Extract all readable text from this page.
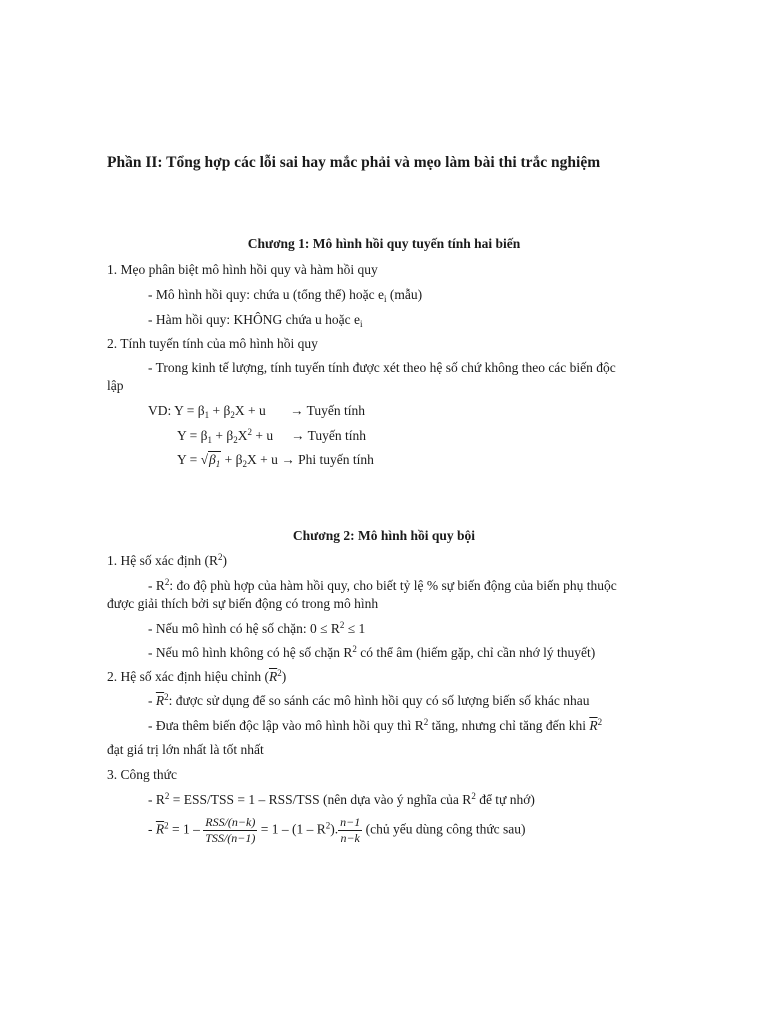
Phần II: Tổng hợp các lỗi sai hay mắc phải và mẹo làm bài thi trắc nghiệm
Chương 1: Mô hình hồi quy tuyến tính hai biến
1. Mẹo phân biệt mô hình hồi quy và hàm hồi quy
- Mô hình hồi quy: chứa u (tổng thể) hoặc $e_i$ (mẫu)
- Hàm hồi quy: KHÔNG chứa u hoặc $e_i$
2. Tính tuyến tính của mô hình hồi quy
- Trong kinh tế lượng, tính tuyến tính được xét theo hệ số chứ không theo các biến độc
lập
VD: $Y = \beta_1 + \beta_2X + u$ → Tuyến tính
$Y = \beta_1 + \beta_2X^2 + u$ → Tuyến tính
$Y = √\beta_1 + \beta_2X + u$ → Phi tuyến tính
Chương 2: Mô hình hồi quy bội
1. Hệ số xác định $(R^2)$
- $R^2$: đo độ phù hợp của hàm hồi quy, cho biết tỷ lệ % sự biến động của biến phụ thuộc
được giải thích bởi sự biến động có trong mô hình
- Nếu mô hình có hệ số chặn: $0 \le R^2 \le 1$
- Nếu mô hình không có hệ số chặn $R^2$ có thể âm (hiếm gặp, chỉ cần nhớ lý thuyết)
2. Hệ số xác định hiệu chỉnh $(\overline{R}^2)$
- $\overline{R}^2$: được sử dụng để so sánh các mô hình hồi quy có số lượng biến số khác nhau
- Đưa thêm biến độc lập vào mô hình hồi quy thì $R^2$ tăng, nhưng chỉ tăng đến khi $\overline{R}^2$
đạt giá trị lớn nhất là tốt nhất
3. Công thức
- $R^2 = ESS/TSS = 1 - RSS/TSS$ (nên dựa vào ý nghĩa của $R^2$ để tự nhớ)
- $\overline{R}^2 = 1 - \frac{\text{RSS/(n−k)}}{\text{TSS/(n−1)}} = 1 - (1 - R^2)$. $\frac{n-1}{n-k}$ (chủ yếu dùng công thức sau)
